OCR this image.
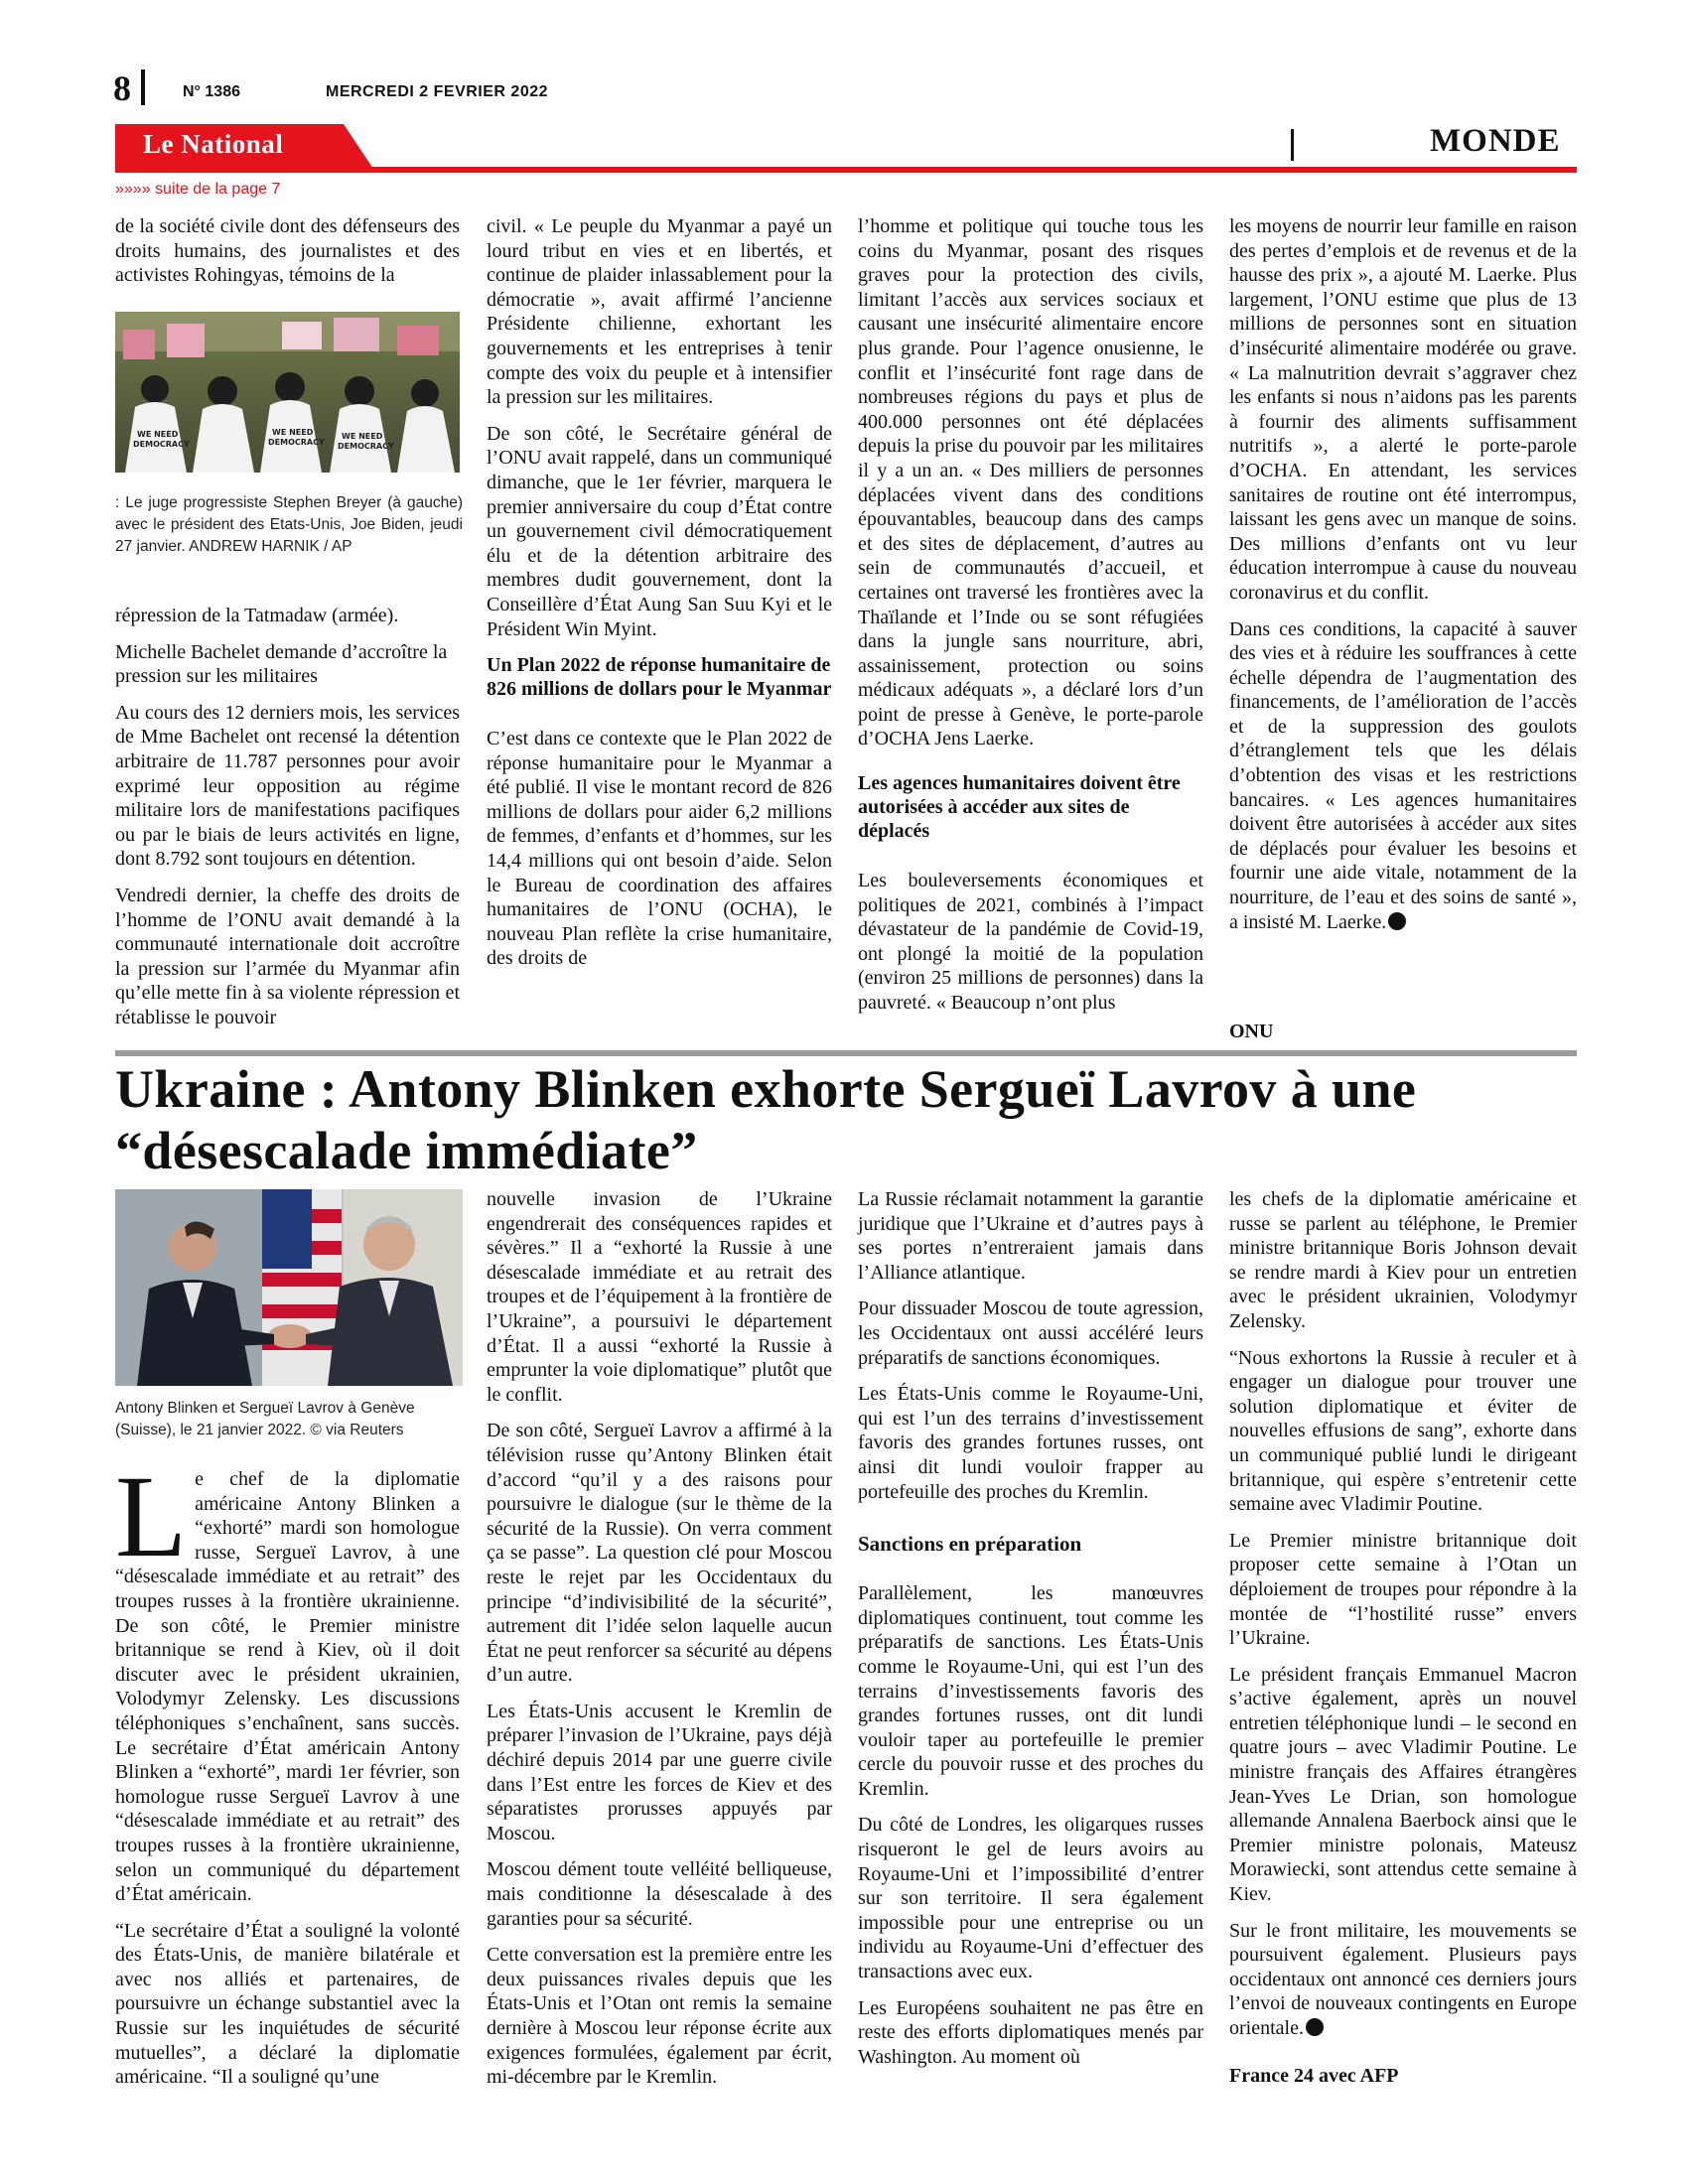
8	N° 1386	MERCREDI 2 FEVRIER 2022
Le National	MONDE
»»»» suite de la page 7

de la société civile dont des défenseurs des droits humains, des journalistes et des activistes Rohingyas, témoins de la

WE NEED
DEMOCRACY
WE NEED
DEMOCRACY
WE NEED
DEMOCRACY
: Le juge progressiste Stephen Breyer (à gauche) avec le président des Etats-Unis, Joe Biden, jeudi 27 janvier. ANDREW HARNIK / AP

répression de la Tatmadaw (armée).

Michelle Bachelet demande d’accroître la pression sur les militaires

Au cours des 12 derniers mois, les services de Mme Bachelet ont recensé la détention arbitraire de 11.787 personnes pour avoir exprimé leur opposition au régime militaire lors de manifestations pacifiques ou par le biais de leurs activités en ligne, dont 8.792 sont toujours en détention.

Vendredi dernier, la cheffe des droits de l’homme de l’ONU avait demandé à la communauté internationale doit accroître la pression sur l’armée du Myanmar afin qu’elle mette fin à sa violente répression et rétablisse le pouvoir

civil. « Le peuple du Myanmar a payé un lourd tribut en vies et en libertés, et continue de plaider inlassablement pour la démocratie », avait affirmé l’ancienne Présidente chilienne, exhortant les gouvernements et les entreprises à tenir compte des voix du peuple et à intensifier la pression sur les militaires.

De son côté, le Secrétaire général de l’ONU avait rappelé, dans un communiqué dimanche, que le 1er février, marquera le premier anniversaire du coup d’État contre un gouvernement civil démocratiquement élu et de la détention arbitraire des membres dudit gouvernement, dont la Conseillère d’État Aung San Suu Kyi et le Président Win Myint.

Un Plan 2022 de réponse humanitaire de 826 millions de dollars pour le Myanmar

C’est dans ce contexte que le Plan 2022 de réponse humanitaire pour le Myanmar a été publié. Il vise le montant record de 826 millions de dollars pour aider 6,2 millions de femmes, d’enfants et d’hommes, sur les 14,4 millions qui ont besoin d’aide. Selon le Bureau de coordination des affaires humanitaires de l’ONU (OCHA), le nouveau Plan reflète la crise humanitaire, des droits de

l’homme et politique qui touche tous les coins du Myanmar, posant des risques graves pour la protection des civils, limitant l’accès aux services sociaux et causant une insécurité alimentaire encore plus grande. Pour l’agence onusienne, le conflit et l’insécurité font rage dans de nombreuses régions du pays et plus de 400.000 personnes ont été déplacées depuis la prise du pouvoir par les militaires il y a un an. « Des milliers de personnes déplacées vivent dans des conditions épouvantables, beaucoup dans des camps et des sites de déplacement, d’autres au sein de communautés d’accueil, et certaines ont traversé les frontières avec la Thaïlande et l’Inde ou se sont réfugiées dans la jungle sans nourriture, abri, assainissement, protection ou soins médicaux adéquats », a déclaré lors d’un point de presse à Genève, le porte-parole d’OCHA Jens Laerke.

Les agences humanitaires doivent être autorisées à accéder aux sites de déplacés

Les bouleversements économiques et politiques de 2021, combinés à l’impact dévastateur de la pandémie de Covid-19, ont plongé la moitié de la population (environ 25 millions de personnes) dans la pauvreté. « Beaucoup n’ont plus

les moyens de nourrir leur famille en raison des pertes d’emplois et de revenus et de la hausse des prix », a ajouté M. Laerke. Plus largement, l’ONU estime que plus de 13 millions de personnes sont en situation d’insécurité alimentaire modérée ou grave. « La malnutrition devrait s’aggraver chez les enfants si nous n’aidons pas les parents à fournir des aliments suffisamment nutritifs », a alerté le porte-parole d’OCHA. En attendant, les services sanitaires de routine ont été interrompus, laissant les gens avec un manque de soins. Des millions d’enfants ont vu leur éducation interrompue à cause du nouveau coronavirus et du conflit.

Dans ces conditions, la capacité à sauver des vies et à réduire les souffrances à cette échelle dépendra de l’augmentation des financements, de l’amélioration de l’accès et de la suppression des goulots d’étranglement tels que les délais d’obtention des visas et les restrictions bancaires. « Les agences humanitaires doivent être autorisées à accéder aux sites de déplacés pour évaluer les besoins et fournir une aide vitale, notamment de la nourriture, de l’eau et des soins de santé », a insisté M. Laerke.

ONU
Ukraine : Antony Blinken exhorte Sergueï Lavrov à une “désescalade immédiate”
Antony Blinken et Sergueï Lavrov à Genève (Suisse), le 21 janvier 2022. © via Reuters

Le chef de la diplomatie américaine Antony Blinken a “exhorté” mardi son homologue russe, Sergueï Lavrov, à une “désescalade immédiate et au retrait” des troupes russes à la frontière ukrainienne. De son côté, le Premier ministre britannique se rend à Kiev, où il doit discuter avec le président ukrainien, Volodymyr Zelensky. Les discussions téléphoniques s’enchaînent, sans succès. Le secrétaire d’État américain Antony Blinken a “exhorté”, mardi 1er février, son homologue russe Sergueï Lavrov à une “désescalade immédiate et au retrait” des troupes russes à la frontière ukrainienne, selon un communiqué du département d’État américain.

“Le secrétaire d’État a souligné la volonté des États-Unis, de manière bilatérale et avec nos alliés et partenaires, de poursuivre un échange substantiel avec la Russie sur les inquiétudes de sécurité mutuelles”, a déclaré la diplomatie américaine. “Il a souligné qu’une

nouvelle invasion de l’Ukraine engendrerait des conséquences rapides et sévères.” Il a “exhorté la Russie à une désescalade immédiate et au retrait des troupes et de l’équipement à la frontière de l’Ukraine”, a poursuivi le département d’État. Il a aussi “exhorté la Russie à emprunter la voie diplomatique” plutôt que le conflit.

De son côté, Sergueï Lavrov a affirmé à la télévision russe qu’Antony Blinken était d’accord “qu’il y a des raisons pour poursuivre le dialogue (sur le thème de la sécurité de la Russie). On verra comment ça se passe”. La question clé pour Moscou reste le rejet par les Occidentaux du principe “d’indivisibilité de la sécurité”, autrement dit l’idée selon laquelle aucun État ne peut renforcer sa sécurité au dépens d’un autre.

Les États-Unis accusent le Kremlin de préparer l’invasion de l’Ukraine, pays déjà déchiré depuis 2014 par une guerre civile dans l’Est entre les forces de Kiev et des séparatistes prorusses appuyés par Moscou.

Moscou dément toute velléité belliqueuse, mais conditionne la désescalade à des garanties pour sa sécurité.

Cette conversation est la première entre les deux puissances rivales depuis que les États-Unis et l’Otan ont remis la semaine dernière à Moscou leur réponse écrite aux exigences formulées, également par écrit, mi-décembre par le Kremlin.

La Russie réclamait notamment la garantie juridique que l’Ukraine et d’autres pays à ses portes n’entreraient jamais dans l’Alliance atlantique.

Pour dissuader Moscou de toute agression, les Occidentaux ont aussi accéléré leurs préparatifs de sanctions économiques.

Les États-Unis comme le Royaume-Uni, qui est l’un des terrains d’investissement favoris des grandes fortunes russes, ont ainsi dit lundi vouloir frapper au portefeuille des proches du Kremlin.

Sanctions en préparation

Parallèlement, les manœuvres diplomatiques continuent, tout comme les préparatifs de sanctions. Les États-Unis comme le Royaume-Uni, qui est l’un des terrains d’investissements favoris des grandes fortunes russes, ont dit lundi vouloir taper au portefeuille le premier cercle du pouvoir russe et des proches du Kremlin.

Du côté de Londres, les oligarques russes risqueront le gel de leurs avoirs au Royaume-Uni et l’impossibilité d’entrer sur son territoire. Il sera également impossible pour une entreprise ou un individu au Royaume-Uni d’effectuer des transactions avec eux.

Les Européens souhaitent ne pas être en reste des efforts diplomatiques menés par Washington. Au moment où

les chefs de la diplomatie américaine et russe se parlent au téléphone, le Premier ministre britannique Boris Johnson devait se rendre mardi à Kiev pour un entretien avec le président ukrainien, Volodymyr Zelensky.

“Nous exhortons la Russie à reculer et à engager un dialogue pour trouver une solution diplomatique et éviter de nouvelles effusions de sang”, exhorte dans un communiqué publié lundi le dirigeant britannique, qui espère s’entretenir cette semaine avec Vladimir Poutine.

Le Premier ministre britannique doit proposer cette semaine à l’Otan un déploiement de troupes pour répondre à la montée de “l’hostilité russe” envers l’Ukraine.

Le président français Emmanuel Macron s’active également, après un nouvel entretien téléphonique lundi – le second en quatre jours – avec Vladimir Poutine. Le ministre français des Affaires étrangères Jean-Yves Le Drian, son homologue allemande Annalena Baerbock ainsi que le Premier ministre polonais, Mateusz Morawiecki, sont attendus cette semaine à Kiev.

Sur le front militaire, les mouvements se poursuivent également. Plusieurs pays occidentaux ont annoncé ces derniers jours l’envoi de nouveaux contingents en Europe orientale.

France 24 avec AFP
